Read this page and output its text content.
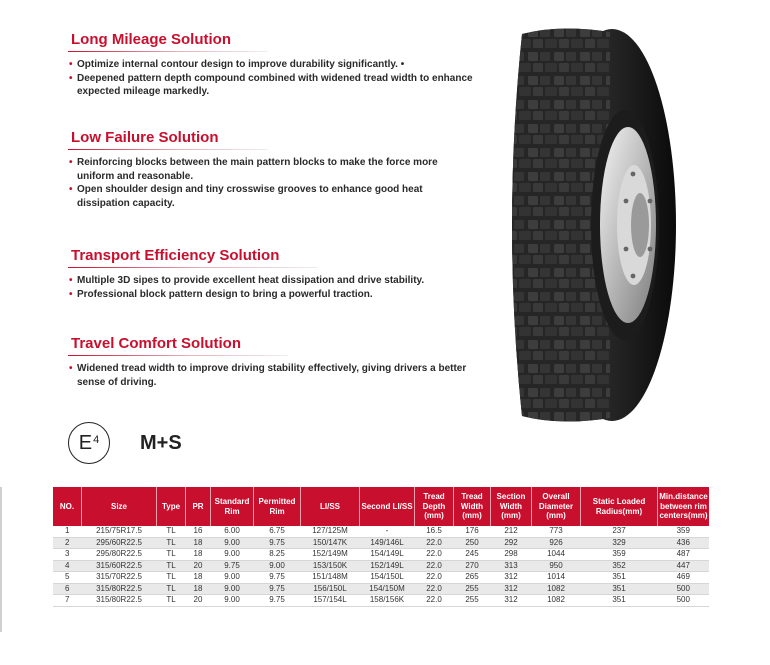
Long Mileage Solution
• Optimize internal contour design to improve durability significantly. •
• Deepened pattern depth compound combined with widened tread width to enhance expected mileage markedly.
Low Failure Solution
• Reinforcing blocks between the main pattern blocks to make the force more uniform and reasonable.
• Open shoulder design and tiny crosswise grooves to enhance good heat dissipation capacity.
Transport Efficiency Solution
• Multiple 3D sipes to provide excellent heat dissipation and drive stability.
• Professional block pattern design to bring a powerful traction.
Travel Comfort Solution
• Widened tread width to improve driving stability effectively, giving drivers a better sense of driving.
$E_4$ M+S
NO.	Size	Type	PR	Standard Rim	Permitted Rim	LI/SS	Second LI/SS	Tread Depth (mm)	Tread Width (mm)	Section Width (mm)	Overall Diameter (mm)	Static Loaded Radius(mm)	Min.distance between rim centers(mm)
1	215/75R17.5	TL	16	6.00	6.75	127/125M	-	16.5	176	212	773	237	359
2	295/60R22.5	TL	18	9.00	9.75	150/147K	149/146L	22.0	250	292	926	329	436
3	295/80R22.5	TL	18	9.00	8.25	152/149M	154/149L	22.0	245	298	1044	359	487
4	315/60R22.5	TL	20	9.75	9.00	153/150K	152/149L	22.0	270	313	950	352	447
5	315/70R22.5	TL	18	9.00	9.75	151/148M	154/150L	22.0	265	312	1014	351	469
6	315/80R22.5	TL	18	9.00	9.75	156/150L	154/150M	22.0	255	312	1082	351	500
7	315/80R22.5	TL	20	9.00	9.75	157/154L	158/156K	22.0	255	312	1082	351	500
